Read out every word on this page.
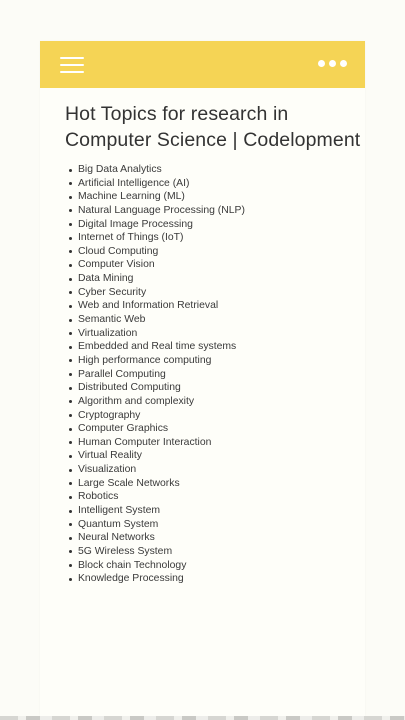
Hot Topics for research in Computer Science | Codelopment
Big Data Analytics
Artificial Intelligence (AI)
Machine Learning (ML)
Natural Language Processing (NLP)
Digital Image Processing
Internet of Things (IoT)
Cloud Computing
Computer Vision
Data Mining
Cyber Security
Web and Information Retrieval
Semantic Web
Virtualization
Embedded and Real time systems
High performance computing
Parallel Computing
Distributed Computing
Algorithm and complexity
Cryptography
Computer Graphics
Human Computer Interaction
Virtual Reality
Visualization
Large Scale Networks
Robotics
Intelligent System
Quantum System
Neural Networks
5G Wireless System
Block chain Technology
Knowledge Processing
